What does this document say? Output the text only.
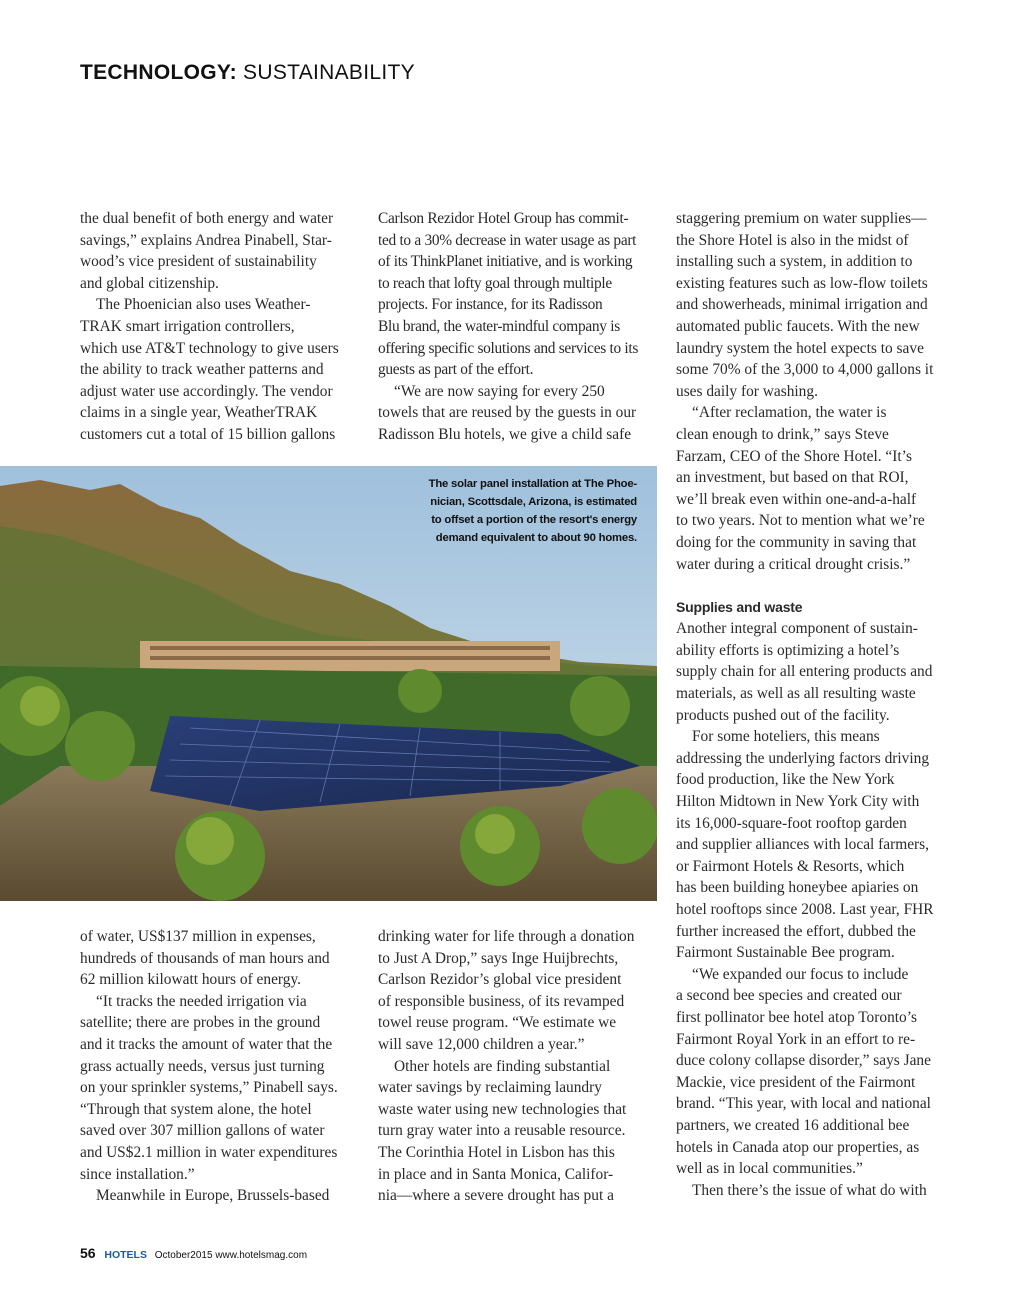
TECHNOLOGY: SUSTAINABILITY
the dual benefit of both energy and water
savings,” explains Andrea Pinabell, Star-
wood’s vice president of sustainability
and global citizenship.
The Phoenician also uses Weather-
TRAK smart irrigation controllers,
which use AT&T technology to give users
the ability to track weather patterns and
adjust water use accordingly. The vendor
claims in a single year, WeatherTRAK
customers cut a total of 15 billion gallons
Carlson Rezidor Hotel Group has commit-
ted to a 30% decrease in water usage as part
of its ThinkPlanet initiative, and is working
to reach that lofty goal through multiple
projects. For instance, for its Radisson
Blu brand, the water-mindful company is
offering specific solutions and services to its
guests as part of the effort.
“We are now saying for every 250
towels that are reused by the guests in our
Radisson Blu hotels, we give a child safe
staggering premium on water supplies—
the Shore Hotel is also in the midst of
installing such a system, in addition to
existing features such as low-flow toilets
and showerheads, minimal irrigation and
automated public faucets. With the new
laundry system the hotel expects to save
some 70% of the 3,000 to 4,000 gallons it
uses daily for washing.
“After reclamation, the water is
clean enough to drink,” says Steve
Farzam, CEO of the Shore Hotel. “It’s
an investment, but based on that ROI,
we’ll break even within one-and-a-half
to two years. Not to mention what we’re
doing for the community in saving that
water during a critical drought crisis.”
Supplies and waste
Another integral component of sustain-
ability efforts is optimizing a hotel’s
supply chain for all entering products and
materials, as well as all resulting waste
products pushed out of the facility.
For some hoteliers, this means
addressing the underlying factors driving
food production, like the New York
Hilton Midtown in New York City with
its 16,000-square-foot rooftop garden
and supplier alliances with local farmers,
or Fairmont Hotels & Resorts, which
has been building honeybee apiaries on
hotel rooftops since 2008. Last year, FHR
further increased the effort, dubbed the
Fairmont Sustainable Bee program.
“We expanded our focus to include
a second bee species and created our
first pollinator bee hotel atop Toronto’s
Fairmont Royal York in an effort to re-
duce colony collapse disorder,” says Jane
Mackie, vice president of the Fairmont
brand. “This year, with local and national
partners, we created 16 additional bee
hotels in Canada atop our properties, as
well as in local communities.”
Then there’s the issue of what do with
The solar panel installation at The Phoe-
nician, Scottsdale, Arizona, is estimated
to offset a portion of the resort's energy
demand equivalent to about 90 homes.
of water, US$137 million in expenses,
hundreds of thousands of man hours and
62 million kilowatt hours of energy.
“It tracks the needed irrigation via
satellite; there are probes in the ground
and it tracks the amount of water that the
grass actually needs, versus just turning
on your sprinkler systems,” Pinabell says.
“Through that system alone, the hotel
saved over 307 million gallons of water
and US$2.1 million in water expenditures
since installation.”
Meanwhile in Europe, Brussels-based
drinking water for life through a donation
to Just A Drop,” says Inge Huijbrechts,
Carlson Rezidor’s global vice president
of responsible business, of its revamped
towel reuse program. “We estimate we
will save 12,000 children a year.”
Other hotels are finding substantial
water savings by reclaiming laundry
waste water using new technologies that
turn gray water into a reusable resource.
The Corinthia Hotel in Lisbon has this
in place and in Santa Monica, Califor-
nia—where a severe drought has put a
56 HOTELS October2015 www.hotelsmag.com
